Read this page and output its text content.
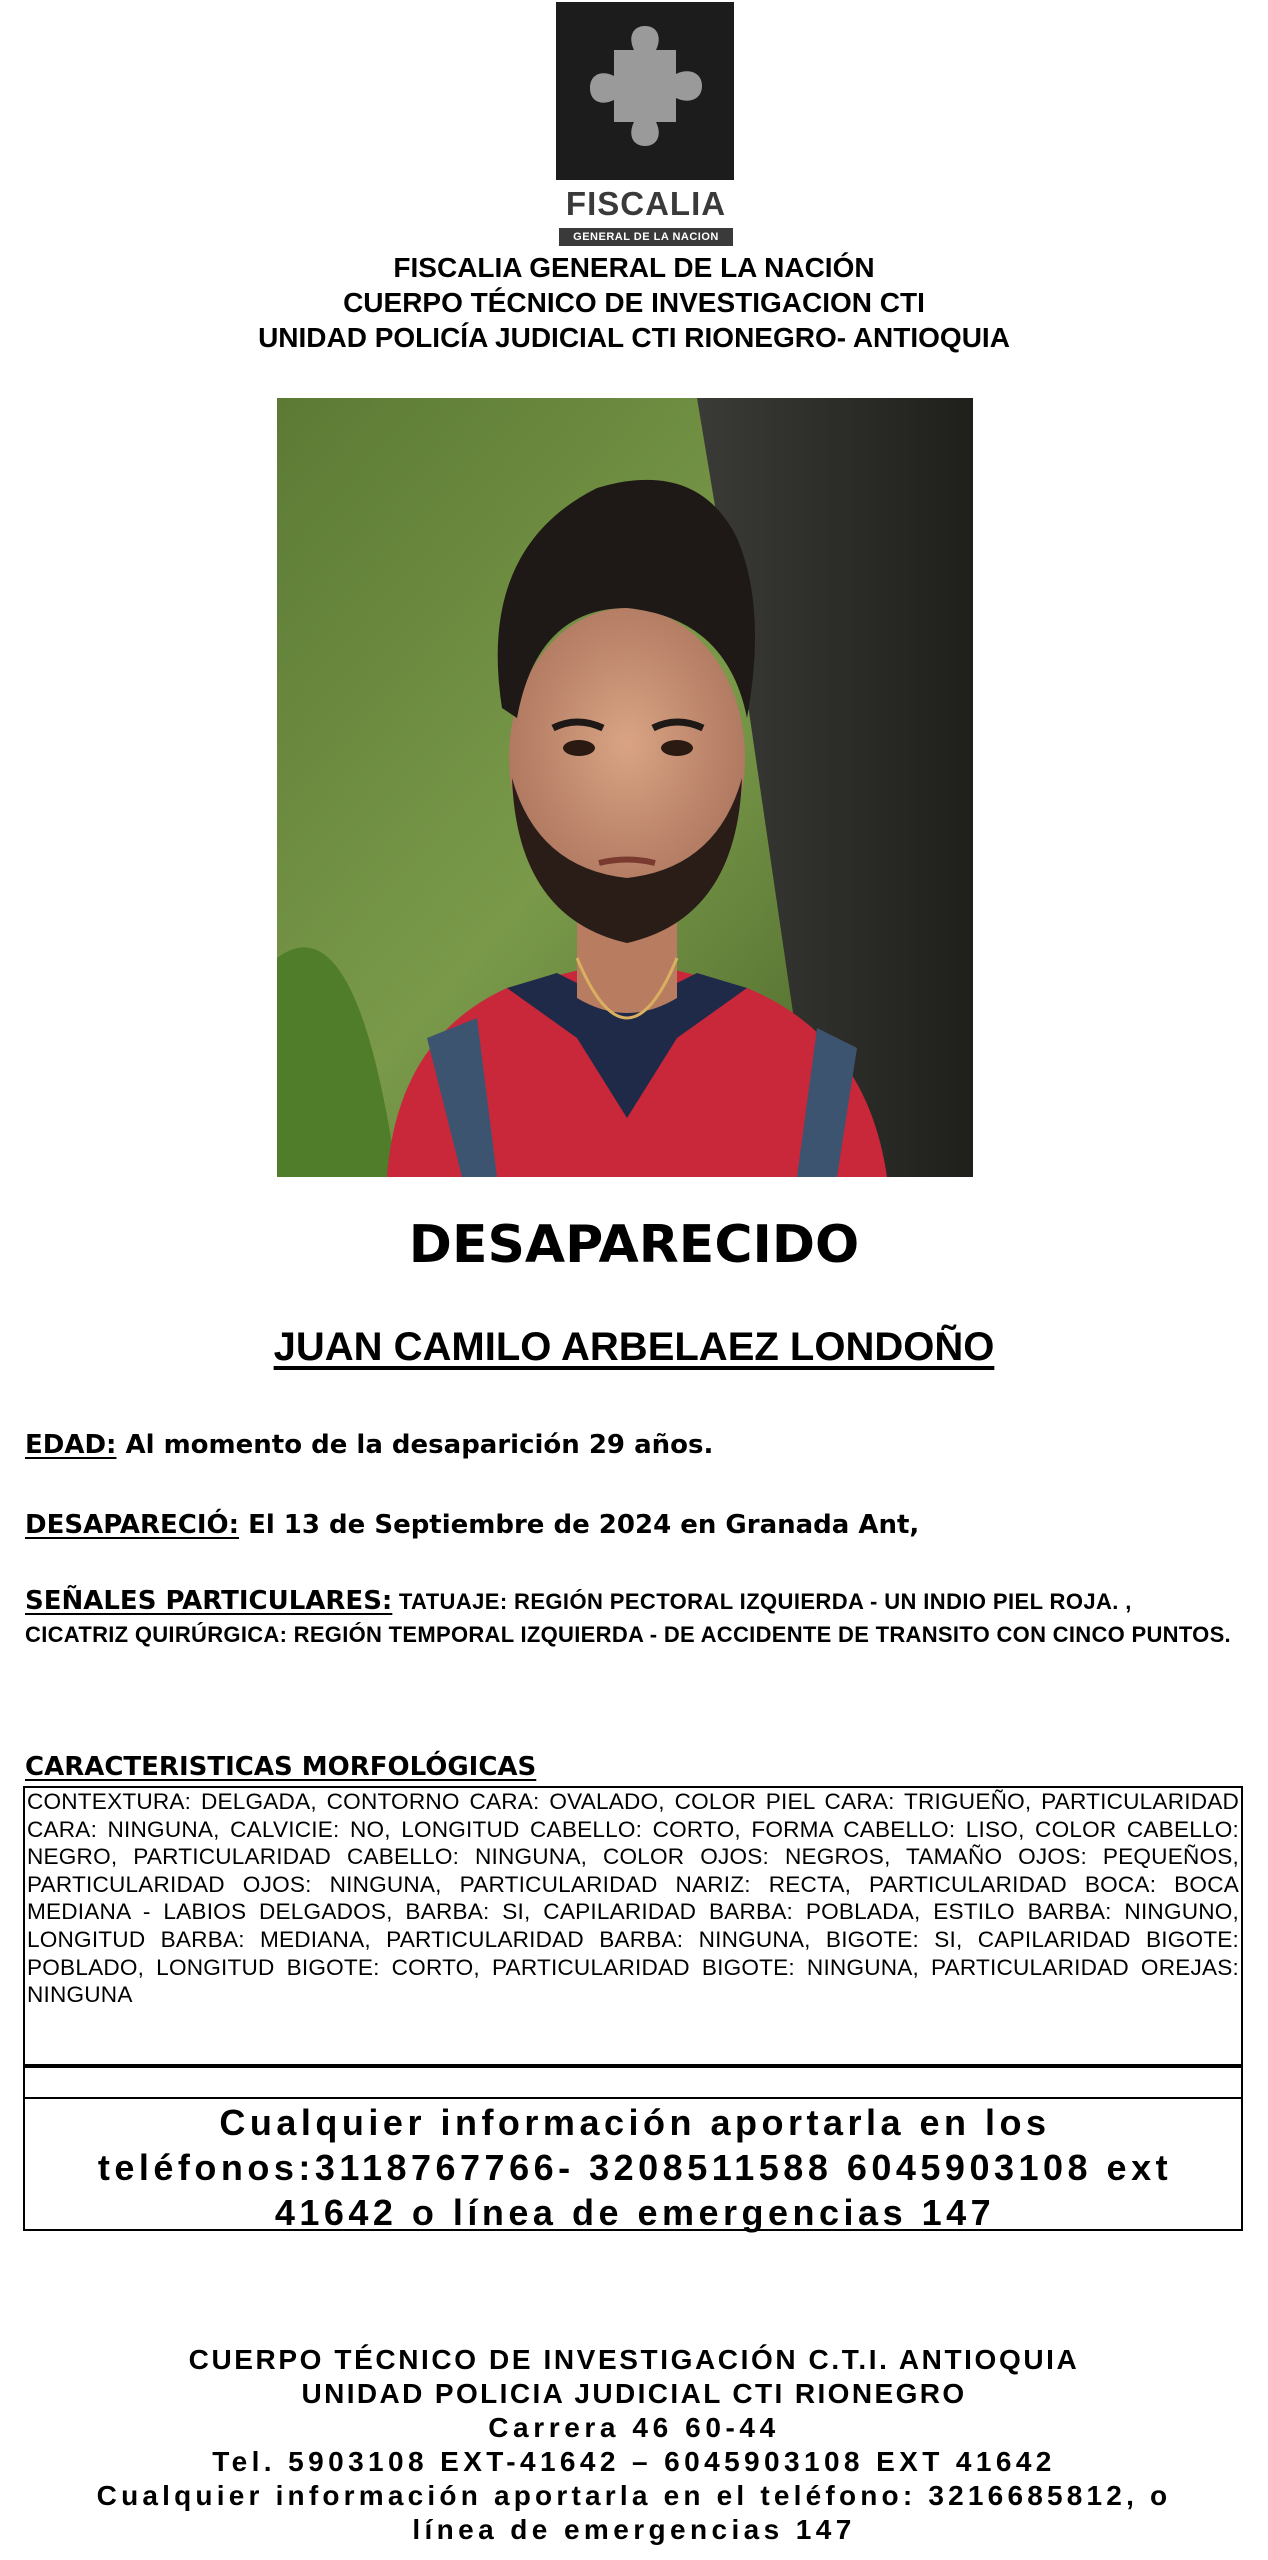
FISCALIA
GENERAL DE LA NACION
FISCALIA GENERAL DE LA NACIÓN
CUERPO TÉCNICO DE INVESTIGACION CTI
UNIDAD POLICÍA JUDICIAL CTI RIONEGRO- ANTIOQUIA
DESAPARECIDO
JUAN CAMILO ARBELAEZ LONDOÑO
EDAD: Al momento de la desaparición 29 años.
DESAPARECIÓ: El 13 de Septiembre de 2024 en Granada Ant,
SEÑALES PARTICULARES: TATUAJE: REGIÓN PECTORAL IZQUIERDA - UN INDIO PIEL ROJA. ,
CICATRIZ QUIRÚRGICA: REGIÓN TEMPORAL IZQUIERDA - DE ACCIDENTE DE TRANSITO CON CINCO PUNTOS.
CARACTERISTICAS MORFOLÓGICAS
CONTEXTURA: DELGADA, CONTORNO CARA: OVALADO, COLOR PIEL CARA: TRIGUEÑO, PARTICULARIDAD CARA: NINGUNA, CALVICIE: NO, LONGITUD CABELLO: CORTO, FORMA CABELLO: LISO, COLOR CABELLO: NEGRO, PARTICULARIDAD CABELLO: NINGUNA, COLOR OJOS: NEGROS, TAMAÑO OJOS: PEQUEÑOS, PARTICULARIDAD OJOS: NINGUNA, PARTICULARIDAD NARIZ: RECTA, PARTICULARIDAD BOCA: BOCA MEDIANA - LABIOS DELGADOS, BARBA: SI, CAPILARIDAD BARBA: POBLADA, ESTILO BARBA: NINGUNO, LONGITUD BARBA: MEDIANA, PARTICULARIDAD BARBA: NINGUNA, BIGOTE: SI, CAPILARIDAD BIGOTE: POBLADO, LONGITUD BIGOTE: CORTO, PARTICULARIDAD BIGOTE: NINGUNA, PARTICULARIDAD OREJAS: NINGUNA
Cualquier información aportarla en los
teléfonos:3118767766- 3208511588 6045903108 ext
41642 o línea de emergencias 147
CUERPO TÉCNICO DE INVESTIGACIÓN C.T.I. ANTIOQUIA
UNIDAD POLICIA JUDICIAL CTI RIONEGRO
Carrera 46 60-44
Tel. 5903108 EXT-41642 – 6045903108 EXT 41642
Cualquier información aportarla en el teléfono: 3216685812, o
línea de emergencias 147
